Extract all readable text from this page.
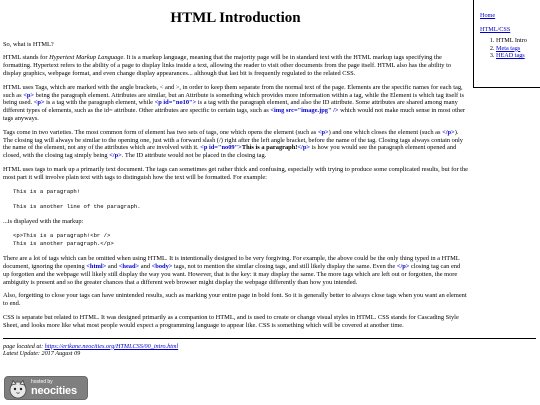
HTML Introduction

So, what is HTML?

HTML stands for Hypertext Markup Language. It is a markup language, meaning that the majority page will be in standard text with the HTML markup tags specifying the formatting. Hypertext refers to the ability of a page to display links inside a text, allowing the reader to visit other documents from the page itself. HTML also has the ability to display graphics, webpage format, and even change display appearances... although that last bit is frequently regulated to the related CSS.

HTML uses Tags, which are marked with the angle brackets, < and >, in order to keep them separate from the normal text of the page. Elements are the specific names for each tag, such as <p> being the paragraph element. Attributes are similar, but an Attribute is something which provides more information within a tag, while the Element is which tag itself is being used. <p> is a tag with the paragraph element, while <p id="no10"> is a tag with the paragraph element, and also the ID attribute. Some attributes are shared among many different types of elements, such as the id= attribute. Other attributes are specific to certain tags, such as <img src="image.jpg" /> which would not make much sense in most other tags anyways.

Tags come in two varieties. The most common form of element has two sets of tags, one which opens the element (such as <p>) and one which closes the element (such as </p>). The closing tag will always be similar to the opening one, just with a forward slash (/) right after the left angle bracket, before the name of the tag. Closing tags always contain only the name of the element, not any of the attributes which are involved with it. <p id="no09">This is a paragraph!</p> is how you would see the paragraph element opened and closed, with the closing tag simply being </p>. The ID attribute would not be placed in the closing tag.

HTML uses tags to mark up a primarily text document. The tags can sometimes get rather thick and confusing, especially with trying to produce some complicated results, but for the most part it will involve plain text with tags to distinguish how the text will be formatted. For example:

This is a paragraph!

This is another line of the paragraph.

...is displayed with the markup:

<p>This is a paragraph!<br />
This is another paragraph.</p>

There are a lot of tags which can be omitted when using HTML. It is intentionally designed to be very forgiving. For example, the above could be the only thing typed in a HTML document, ignoring the opening <html> and <head> and <body> tags, not to mention the similar closing tags, and still likely display the same. Even the </p> closing tag can end up forgotten and the webpage will likely still display the way you want. However, that is the key: it may display the same. The more tags which are left out or forgotten, the more ambiguity is present and so the greater chances that a different web browser might display the webpage differently than how you intended.

Also, forgetting to close your tags can have unintended results, such as marking your entire page in bold font. So it is generally better to always close tags when you want an element to end.

CSS is separate but related to HTML. It was designed primarily as a companion to HTML, and is used to create or change visual styles in HTML. CSS stands for Cascading Style Sheet, and looks more like what most people would expect a programming language to appear like. CSS is something which will be covered at another time.

page located at: https://erikane.neocities.org/HTMLCSS/00_intro.html
Latest Update: 2017 August 09
Home
HTML/CSS
1. HTML Intro
2. Meta tags
3. HEAD tags
hosted by
neocities
